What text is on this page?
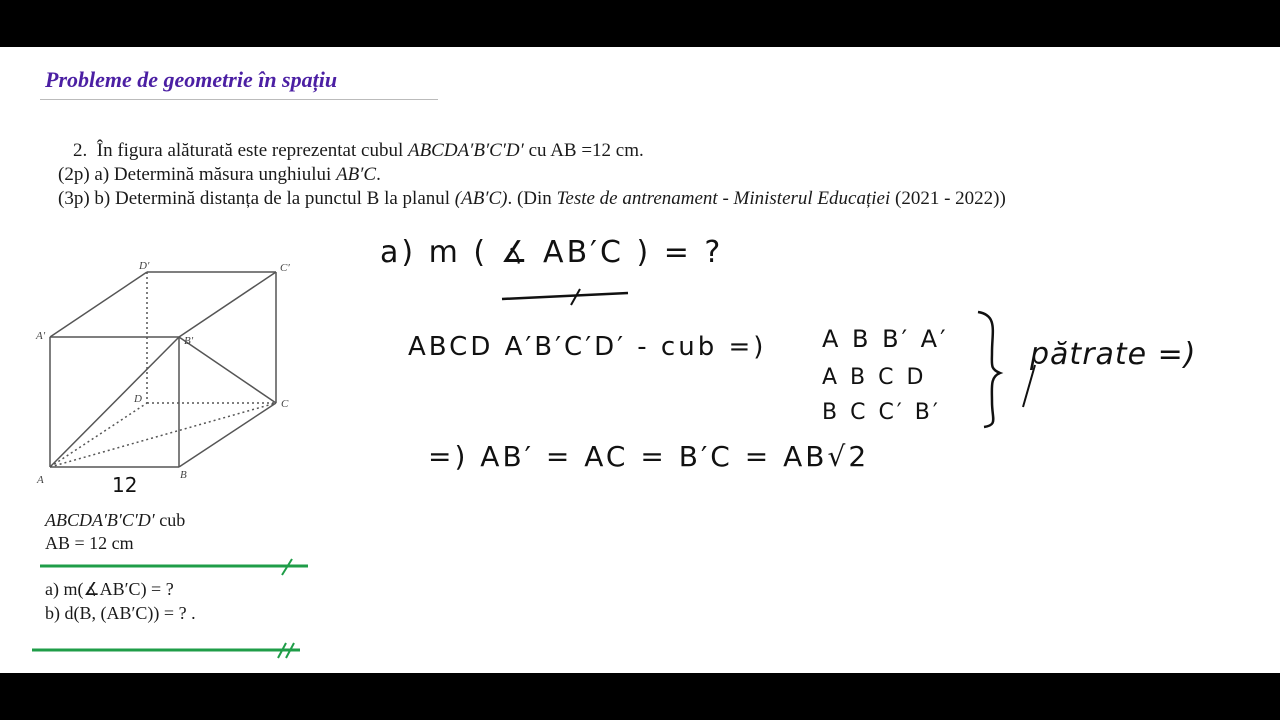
Probleme de geometrie în spațiu
2. În figura alăturată este reprezentat cubul ABCDA′B′C′D′ cu AB =12 cm.
(2p) a) Determină măsura unghiului AB′C.
(3p) b) Determină distanța de la punctul B la planul (AB′C). (Din Teste de antrenament - Ministerul Educației (2021 - 2022))
ABCDA′B′C′D′ cub
AB = 12 cm
a) m(∡AB′C) = ?
b) d(B, (AB′C)) = ? .
a) m ( ∡ AB′C ) = ?
ABCD A′B′C′D′ - cub =) A B B′ A′
A B C D
B C C′ B′
pătrate =)
=) AB′ = AC = B′C = AB√2
A	B
C
D
A′	B′
C′
D′
12
